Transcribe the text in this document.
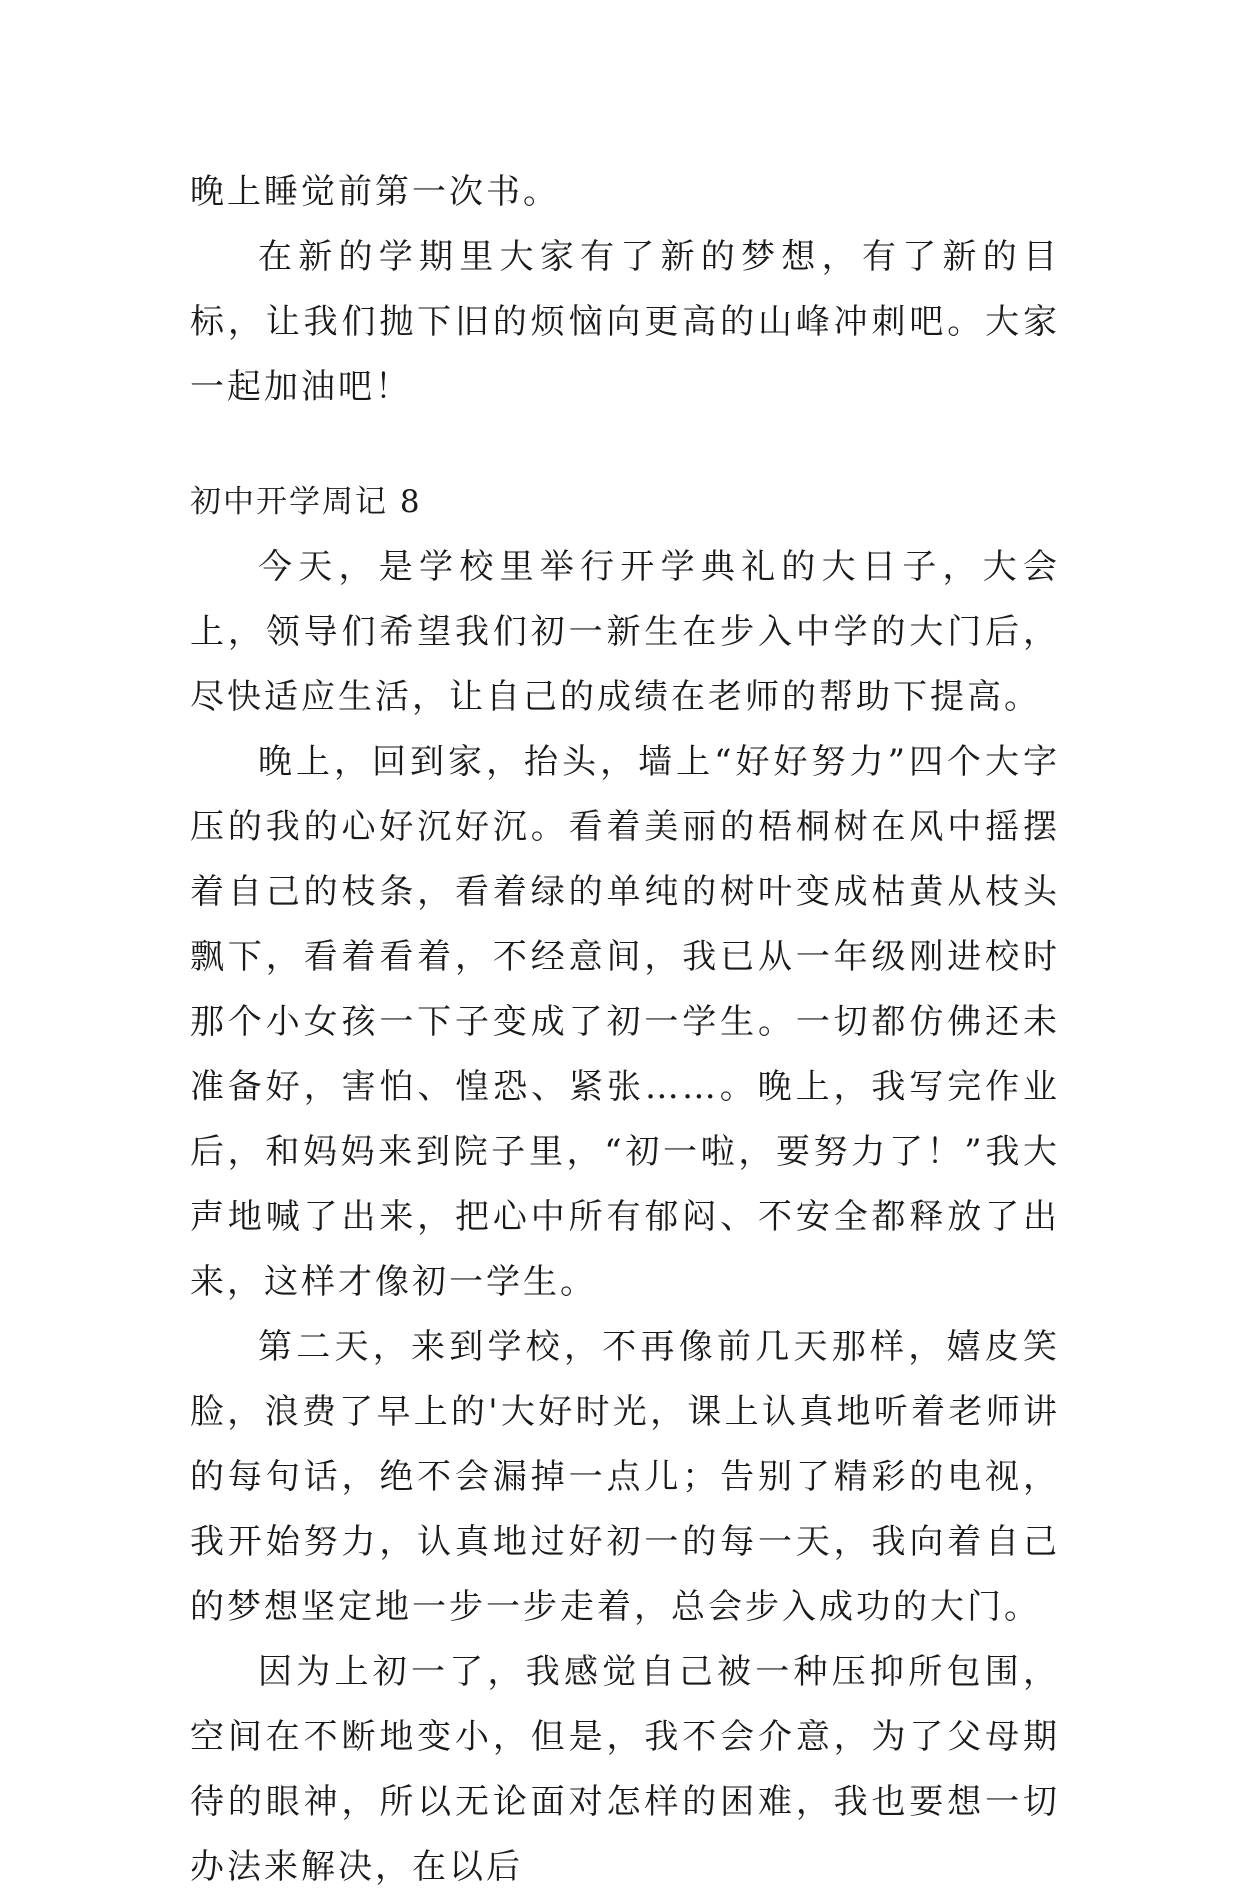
晚上睡觉前第一次书。

在新的学期里大家有了新的梦想，有了新的目标，让我们抛下旧的烦恼向更高的山峰冲刺吧。大家一起加油吧！

初中开学周记 8

今天，是学校里举行开学典礼的大日子，大会上，领导们希望我们初一新生在步入中学的大门后，尽快适应生活，让自己的成绩在老师的帮助下提高。

晚上，回到家，抬头，墙上“好好努力”四个大字压的我的心好沉好沉。看着美丽的梧桐树在风中摇摆着自己的枝条，看着绿的单纯的树叶变成枯黄从枝头飘下，看着看着，不经意间，我已从一年级刚进校时那个小女孩一下子变成了初一学生。一切都仿佛还未准备好，害怕、惶恐、紧张……。晚上，我写完作业后，和妈妈来到院子里，“初一啦，要努力了！”我大声地喊了出来，把心中所有郁闷、不安全都释放了出来，这样才像初一学生。

第二天，来到学校，不再像前几天那样，嬉皮笑脸，浪费了早上的'大好时光，课上认真地听着老师讲的每句话，绝不会漏掉一点儿；告别了精彩的电视，我开始努力，认真地过好初一的每一天，我向着自己的梦想坚定地一步一步走着，总会步入成功的大门。

因为上初一了，我感觉自己被一种压抑所包围，空间在不断地变小，但是，我不会介意，为了父母期待的眼神，所以无论面对怎样的困难，我也要想一切办法来解决，在以后
